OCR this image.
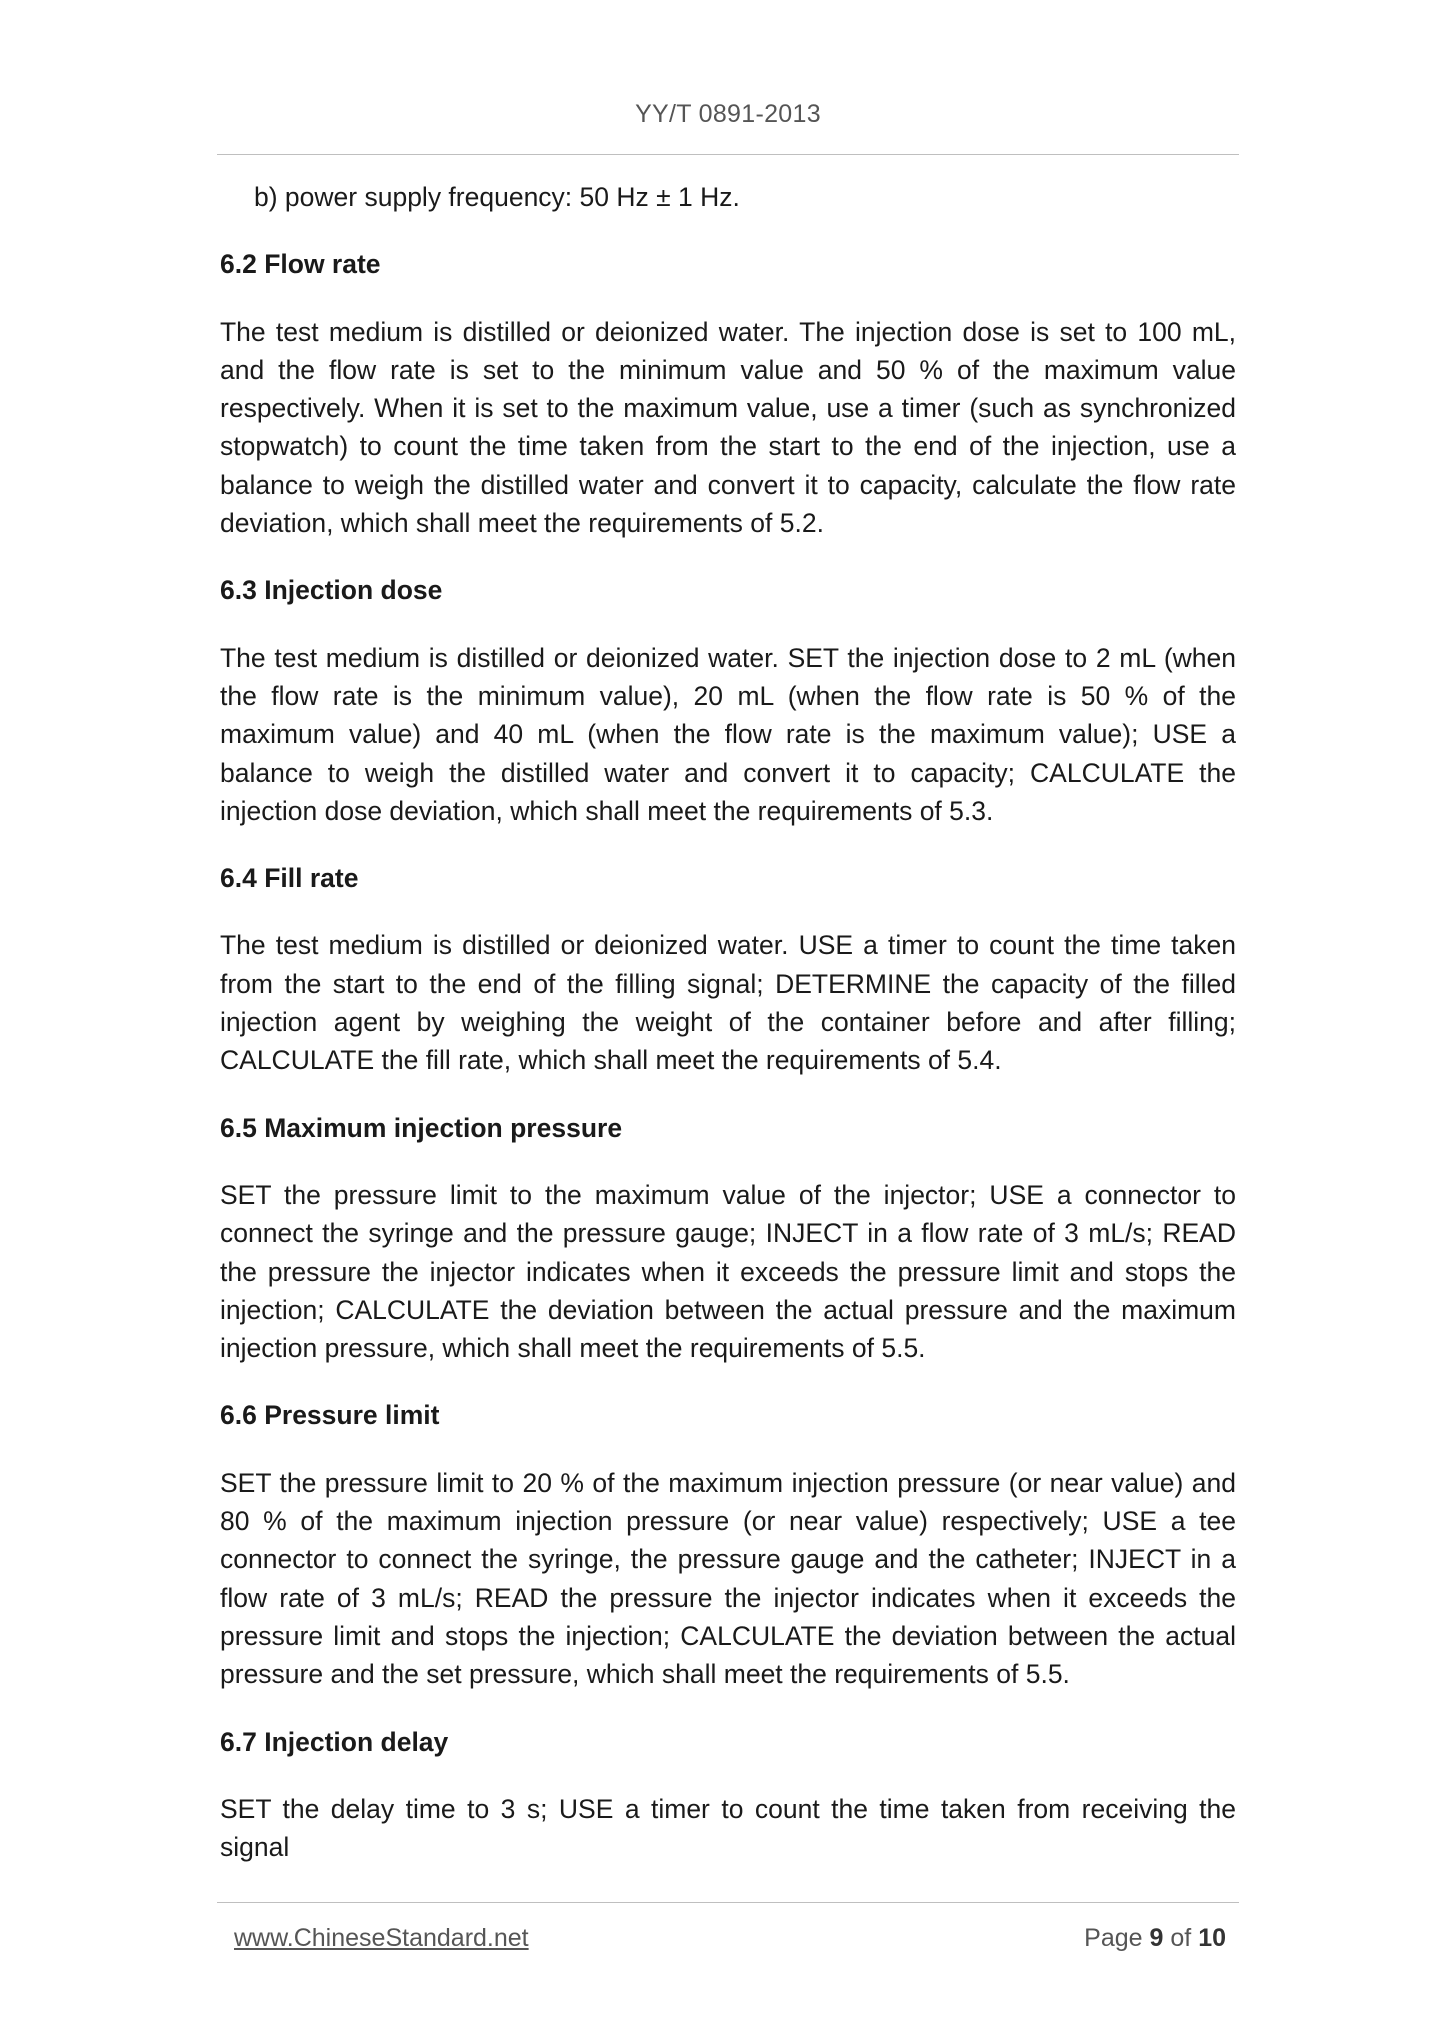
YY/T 0891-2013
b) power supply frequency: 50 Hz ± 1 Hz.
6.2 Flow rate
The test medium is distilled or deionized water. The injection dose is set to 100 mL, and the flow rate is set to the minimum value and 50 % of the maximum value respectively. When it is set to the maximum value, use a timer (such as synchronized stopwatch) to count the time taken from the start to the end of the injection, use a balance to weigh the distilled water and convert it to capacity, calculate the flow rate deviation, which shall meet the requirements of 5.2.
6.3 Injection dose
The test medium is distilled or deionized water. SET the injection dose to 2 mL (when the flow rate is the minimum value), 20 mL (when the flow rate is 50 % of the maximum value) and 40 mL (when the flow rate is the maximum value); USE a balance to weigh the distilled water and convert it to capacity; CALCULATE the injection dose deviation, which shall meet the requirements of 5.3.
6.4 Fill rate
The test medium is distilled or deionized water. USE a timer to count the time taken from the start to the end of the filling signal; DETERMINE the capacity of the filled injection agent by weighing the weight of the container before and after filling; CALCULATE the fill rate, which shall meet the requirements of 5.4.
6.5 Maximum injection pressure
SET the pressure limit to the maximum value of the injector; USE a connector to connect the syringe and the pressure gauge; INJECT in a flow rate of 3 mL/s; READ the pressure the injector indicates when it exceeds the pressure limit and stops the injection; CALCULATE the deviation between the actual pressure and the maximum injection pressure, which shall meet the requirements of 5.5.
6.6 Pressure limit
SET the pressure limit to 20 % of the maximum injection pressure (or near value) and 80 % of the maximum injection pressure (or near value) respectively; USE a tee connector to connect the syringe, the pressure gauge and the catheter; INJECT in a flow rate of 3 mL/s; READ the pressure the injector indicates when it exceeds the pressure limit and stops the injection; CALCULATE the deviation between the actual pressure and the set pressure, which shall meet the requirements of 5.5.
6.7 Injection delay
SET the delay time to 3 s; USE a timer to count the time taken from receiving the signal
www.ChineseStandard.net	Page 9 of 10
